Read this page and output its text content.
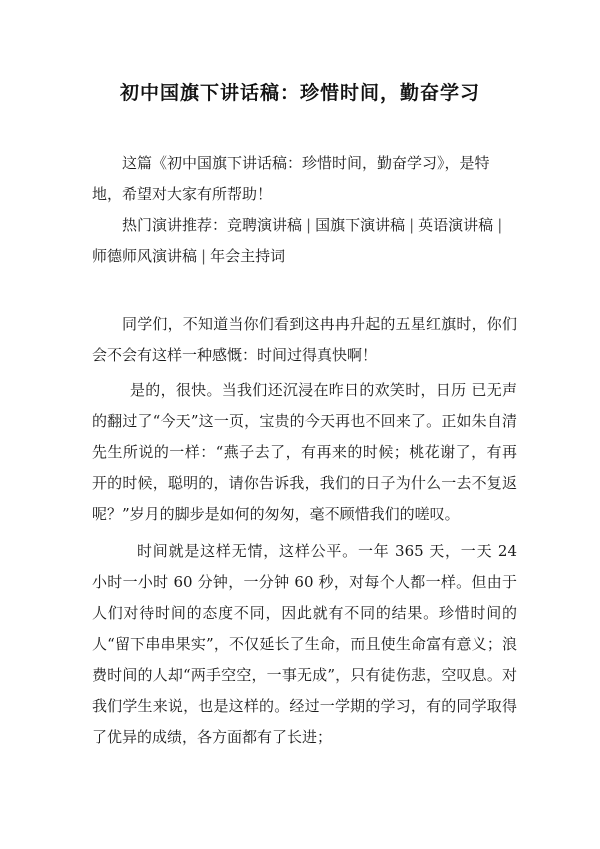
初中国旗下讲话稿：珍惜时间，勤奋学习

这篇《初中国旗下讲话稿：珍惜时间，勤奋学习》，是特地，希望对大家有所帮助！

热门演讲推荐：竞聘演讲稿 | 国旗下演讲稿 | 英语演讲稿 |师德师风演讲稿 | 年会主持词

同学们，不知道当你们看到这冉冉升起的五星红旗时，你们会不会有这样一种感慨：时间过得真快啊！

是的，很快。当我们还沉浸在昨日的欢笑时，日历 已无声的翻过了“今天”这一页，宝贵的今天再也不回来了。正如朱自清先生所说的一样：“燕子去了，有再来的时候；桃花谢了，有再开的时候，聪明的，请你告诉我，我们的日子为什么一去不复返呢？”岁月的脚步是如何的匆匆，毫不顾惜我们的嗟叹。

时间就是这样无情，这样公平。一年 365 天，一天 24 小时一小时 60 分钟，一分钟 60 秒，对每个人都一样。但由于人们对待时间的态度不同，因此就有不同的结果。珍惜时间的人“留下串串果实”，不仅延长了生命，而且使生命富有意义；浪费时间的人却“两手空空，一事无成”，只有徒伤悲，空叹息。对我们学生来说，也是这样的。经过一学期的学习，有的同学取得了优异的成绩，各方面都有了长进；
